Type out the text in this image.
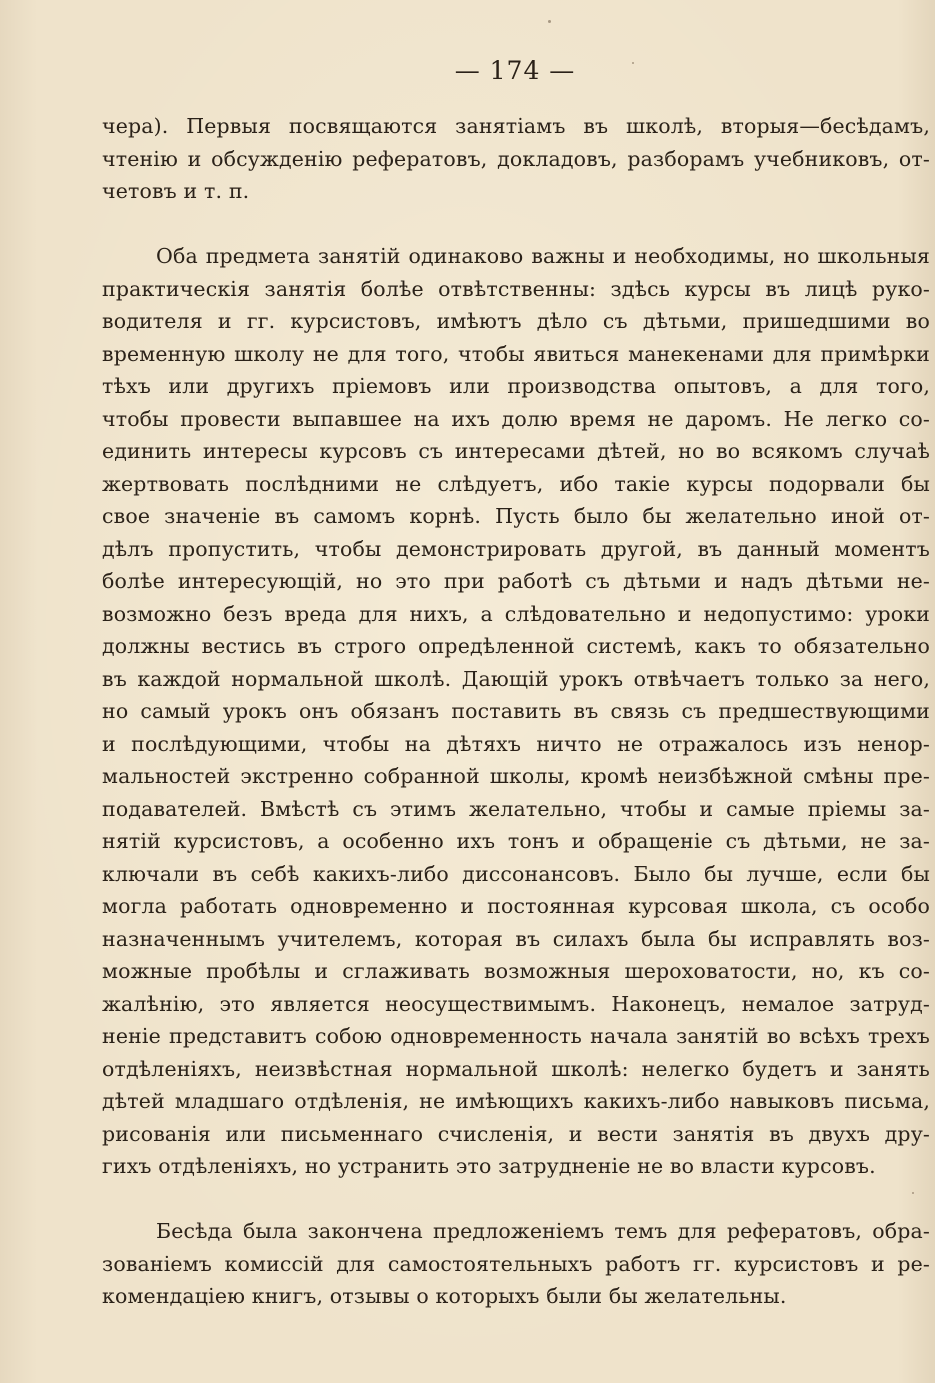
— 174 —
чера). Первыя посвящаются занятіамъ въ школѣ, вторыя—бесѣдамъ,
чтенію и обсужденію рефератовъ, докладовъ, разборамъ учебниковъ, от-
четовъ и т. п.
Оба предмета занятій одинаково важны и необходимы, но школьныя
практическія занятія болѣе отвѣтственны: здѣсь курсы въ лицѣ руко-
водителя и гг. курсистовъ, имѣютъ дѣло съ дѣтьми, пришедшими во
временную школу не для того, чтобы явиться манекенами для примѣрки
тѣхъ или другихъ пріемовъ или производства опытовъ, а для того,
чтобы провести выпавшее на ихъ долю время не даромъ. Не легко со-
единить интересы курсовъ съ интересами дѣтей, но во всякомъ случаѣ
жертвовать послѣдними не слѣдуетъ, ибо такіе курсы подорвали бы
свое значеніе въ самомъ корнѣ. Пусть было бы желательно иной от-
дѣлъ пропустить, чтобы демонстрировать другой, въ данный моментъ
болѣе интересующій, но это при работѣ съ дѣтьми и надъ дѣтьми не-
возможно безъ вреда для нихъ, а слѣдовательно и недопустимо: уроки
должны вестись въ строго опредѣленной системѣ, какъ то обязательно
въ каждой нормальной школѣ. Дающій урокъ отвѣчаетъ только за него,
но самый урокъ онъ обязанъ поставить въ связь съ предшествующими
и послѣдующими, чтобы на дѣтяхъ ничто не отражалось изъ ненор-
мальностей экстренно собранной школы, кромѣ неизбѣжной смѣны пре-
подавателей. Вмѣстѣ съ этимъ желательно, чтобы и самые пріемы за-
нятій курсистовъ, а особенно ихъ тонъ и обращеніе съ дѣтьми, не за-
ключали въ себѣ какихъ-либо диссонансовъ. Было бы лучше, если бы
могла работать одновременно и постоянная курсовая школа, съ особо
назначеннымъ учителемъ, которая въ силахъ была бы исправлять воз-
можные пробѣлы и сглаживать возможныя шероховатости, но, къ со-
жалѣнію, это является неосуществимымъ. Наконецъ, немалое затруд-
неніе представитъ собою одновременность начала занятій во всѣхъ трехъ
отдѣленіяхъ, неизвѣстная нормальной школѣ: нелегко будетъ и занять
дѣтей младшаго отдѣленія, не имѣющихъ какихъ-либо навыковъ письма,
рисованія или письменнаго счисленія, и вести занятія въ двухъ дру-
гихъ отдѣленіяхъ, но устранить это затрудненіе не во власти курсовъ.
Бесѣда была закончена предложеніемъ темъ для рефератовъ, обра-
зованіемъ комиссій для самостоятельныхъ работъ гг. курсистовъ и ре-
комендаціею книгъ, отзывы о которыхъ были бы желательны.
